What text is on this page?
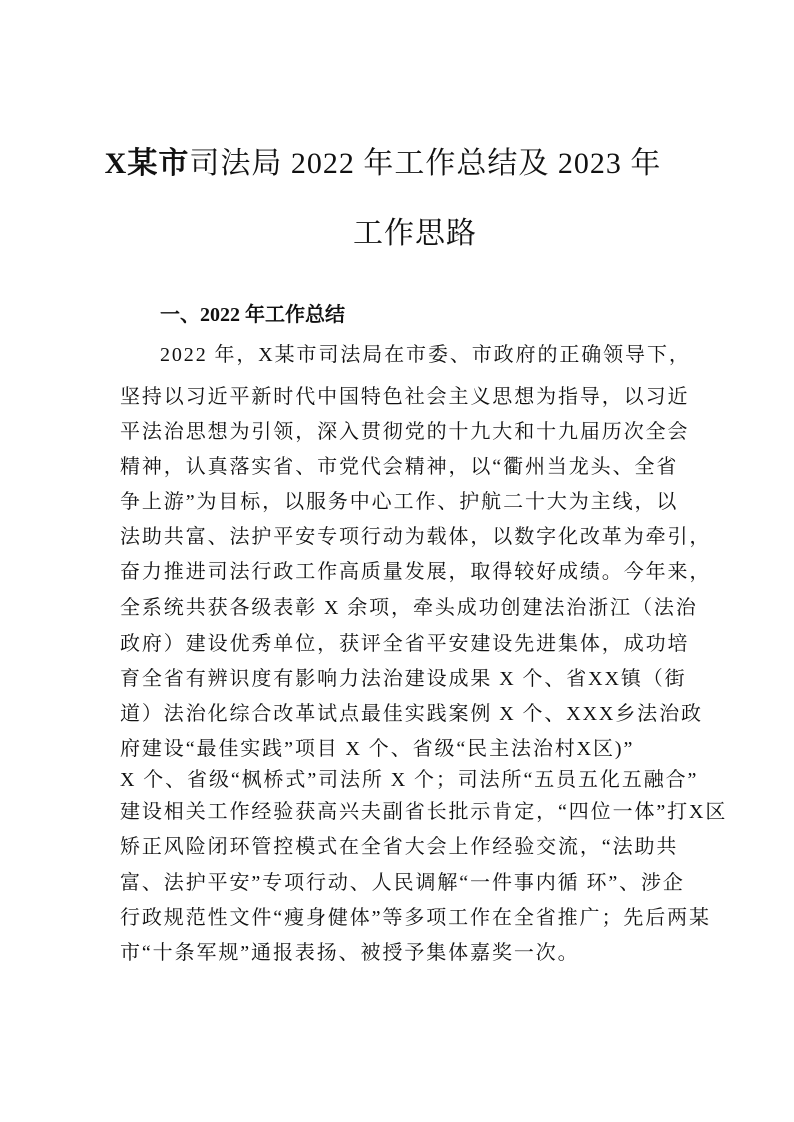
X某市司法局 2022 年工作总结及 2023 年
工作思路
一、2022 年工作总结
2022 年，X某市司法局在市委、市政府的正确领导下，
坚持以习近平新时代中国特色社会主义思想为指导，以习近
平法治思想为引领，深入贯彻党的十九大和十九届历次全会
精神，认真落实省、市党代会精神，以“衢州当龙头、全省
争上游”为目标，以服务中心工作、护航二十大为主线，以
法助共富、法护平安专项行动为载体，以数字化改革为牵引，
奋力推进司法行政工作高质量发展，取得较好成绩。今年来，
全系统共获各级表彰 X 余项，牵头成功创建法治浙江（法治
政府）建设优秀单位，获评全省平安建设先进集体，成功培
育全省有辨识度有影响力法治建设成果 X 个、省XX镇（街
道）法治化综合改革试点最佳实践案例 X 个、XXX乡法治政
府建设“最佳实践”项目 X 个、省级“民主法治村X区)”
X 个、省级“枫桥式”司法所 X 个；司法所“五员五化五融合”
建设相关工作经验获高兴夫副省长批示肯定，“四位一体”打X区
矫正风险闭环管控模式在全省大会上作经验交流，“法助共
富、法护平安”专项行动、人民调解“一件事内循 环”、涉企
行政规范性文件“瘦身健体”等多项工作在全省推广；先后两某
市“十条军规”通报表扬、被授予集体嘉奖一次。
